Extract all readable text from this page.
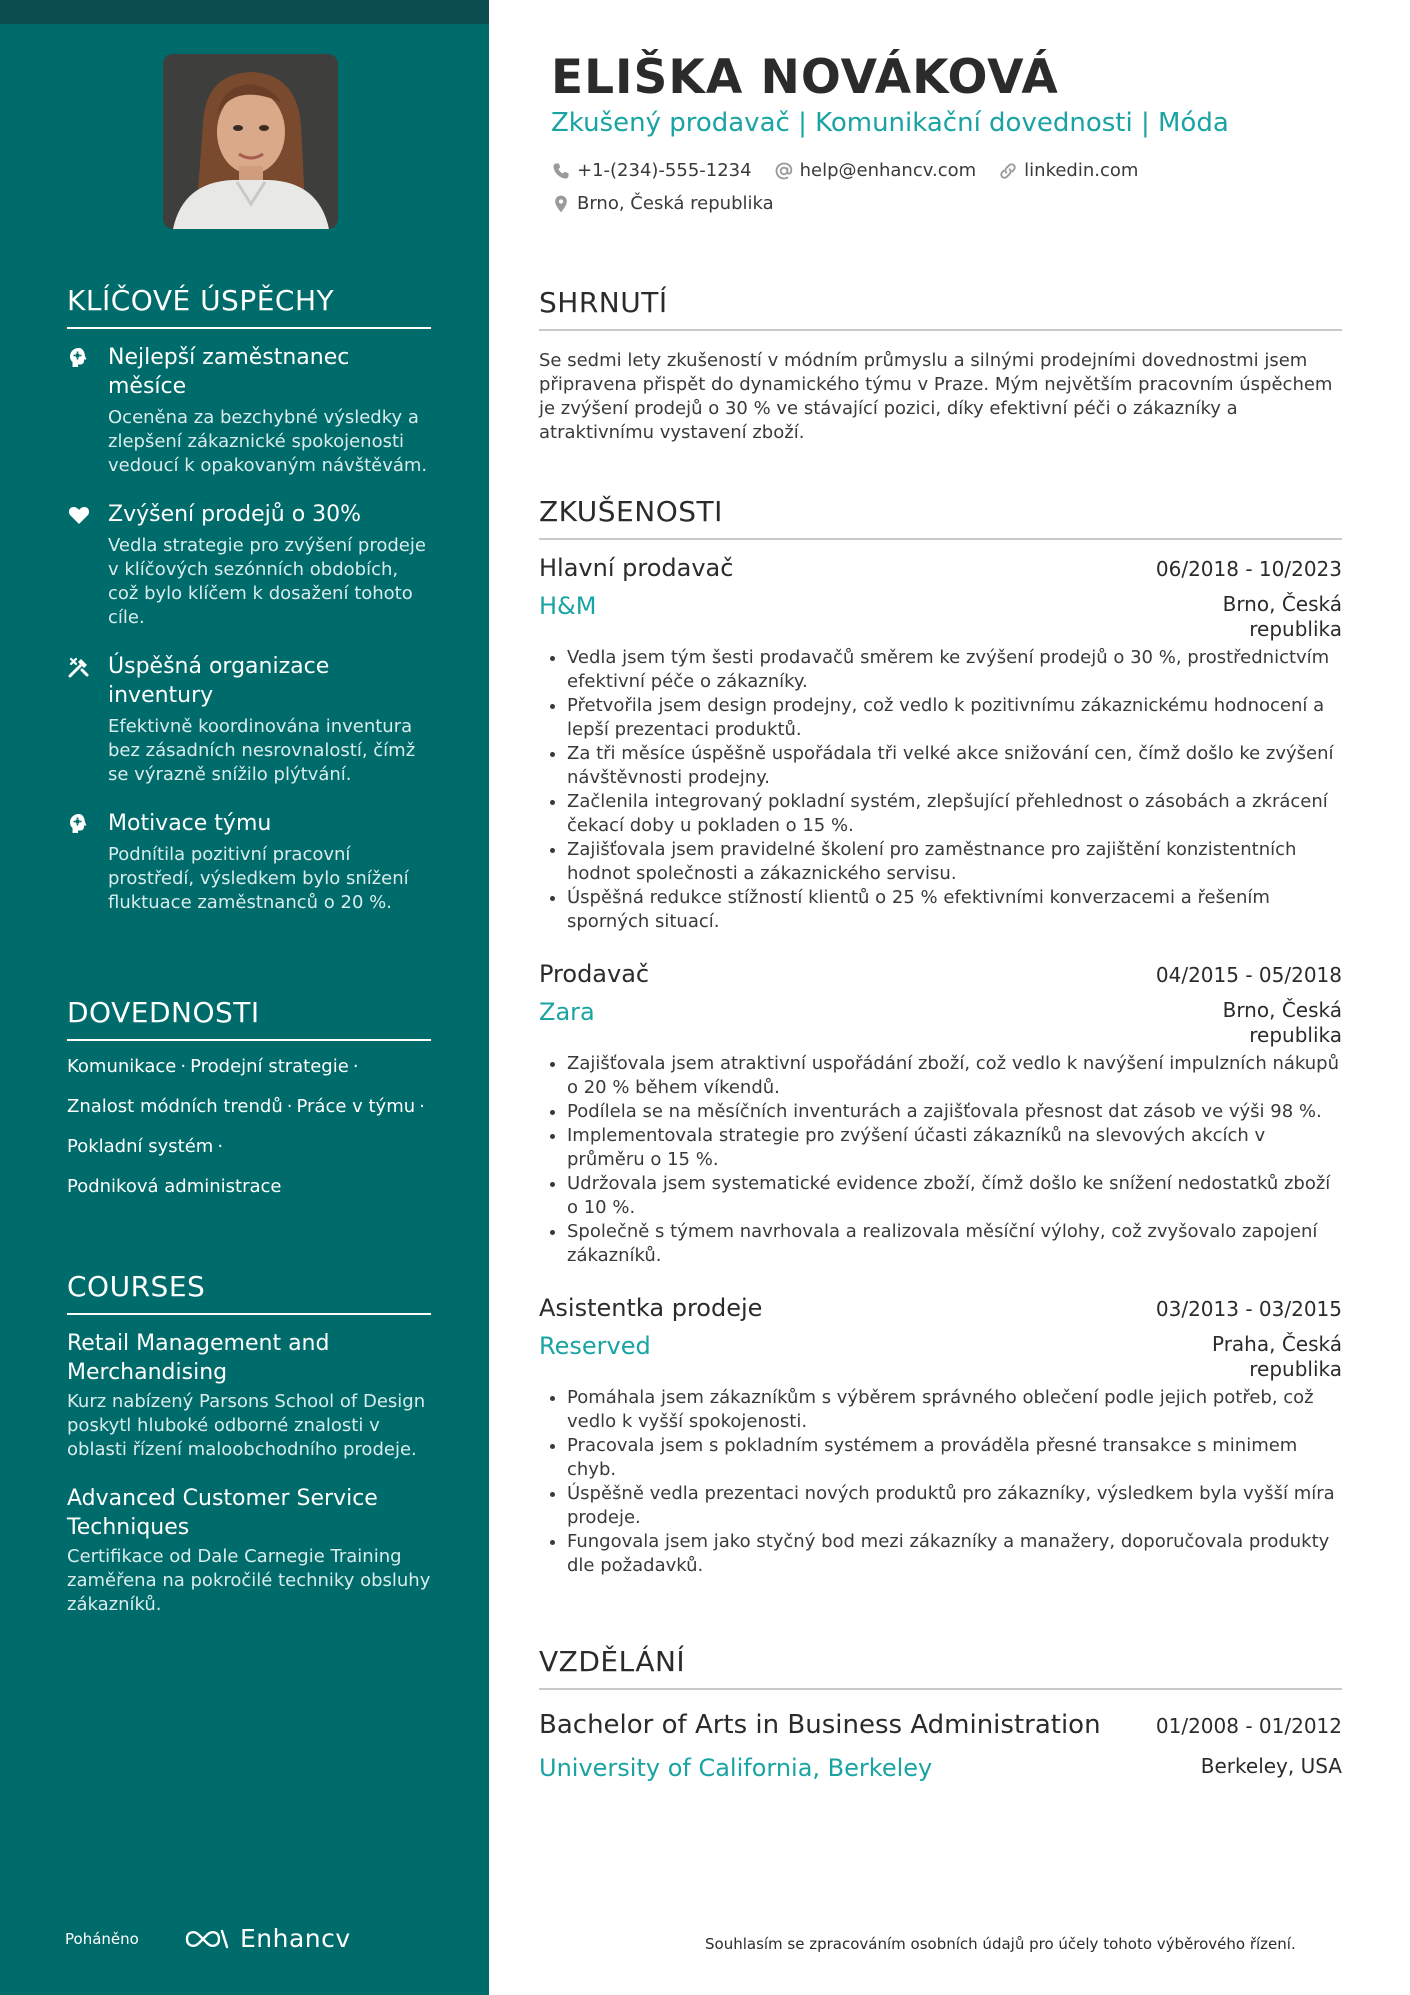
KLÍČOVÉ ÚSPĚCHY
Nejlepší zaměstnanec měsíce
Oceněna za bezchybné výsledky a zlepšení zákaznické spokojenosti vedoucí k opakovaným návštěvám.
Zvýšení prodejů o 30%
Vedla strategie pro zvýšení prodeje v klíčových sezónních obdobích, což bylo klíčem k dosažení tohoto cíle.
Úspěšná organizace inventury
Efektivně koordinována inventura bez zásadních nesrovnalostí, čímž se výrazně snížilo plýtvání.
Motivace týmu
Podnítila pozitivní pracovní prostředí, výsledkem bylo snížení fluktuace zaměstnanců o 20 %.
DOVEDNOSTI
Komunikace · Prodejní strategie ·
Znalost módních trendů · Práce v týmu ·
Pokladní systém ·
Podniková administrace
COURSES
Retail Management and Merchandising
Kurz nabízený Parsons School of Design poskytl hluboké odborné znalosti v oblasti řízení maloobchodního prodeje.
Advanced Customer Service Techniques
Certifikace od Dale Carnegie Training zaměřena na pokročilé techniky obsluhy zákazníků.
Poháněno	Enhancv
ELIŠKA NOVÁKOVÁ
Zkušený prodavač | Komunikační dovednosti | Móda
+1-(234)-555-1234	help@enhancv.com	linkedin.com
Brno, Česká republika
SHRNUTÍ
Se sedmi lety zkušeností v módním průmyslu a silnými prodejními dovednostmi jsem připravena přispět do dynamického týmu v Praze. Mým největším pracovním úspěchem je zvýšení prodejů o 30 % ve stávající pozici, díky efektivní péči o zákazníky a atraktivnímu vystavení zboží.
ZKUŠENOSTI
Hlavní prodavač	06/2018 - 10/2023
H&M	Brno, Česká republika
• Vedla jsem tým šesti prodavačů směrem ke zvýšení prodejů o 30 %, prostřednictvím efektivní péče o zákazníky.
• Přetvořila jsem design prodejny, což vedlo k pozitivnímu zákaznickému hodnocení a lepší prezentaci produktů.
• Za tři měsíce úspěšně uspořádala tři velké akce snižování cen, čímž došlo ke zvýšení návštěvnosti prodejny.
• Začlenila integrovaný pokladní systém, zlepšující přehlednost o zásobách a zkrácení čekací doby u pokladen o 15 %.
• Zajišťovala jsem pravidelné školení pro zaměstnance pro zajištění konzistentních hodnot společnosti a zákaznického servisu.
• Úspěšná redukce stížností klientů o 25 % efektivními konverzacemi a řešením sporných situací.
Prodavač	04/2015 - 05/2018
Zara	Brno, Česká republika
• Zajišťovala jsem atraktivní uspořádání zboží, což vedlo k navýšení impulzních nákupů o 20 % během víkendů.
• Podílela se na měsíčních inventurách a zajišťovala přesnost dat zásob ve výši 98 %.
• Implementovala strategie pro zvýšení účasti zákazníků na slevových akcích v průměru o 15 %.
• Udržovala jsem systematické evidence zboží, čímž došlo ke snížení nedostatků zboží o 10 %.
• Společně s týmem navrhovala a realizovala měsíční výlohy, což zvyšovalo zapojení zákazníků.
Asistentka prodeje	03/2013 - 03/2015
Reserved	Praha, Česká republika
• Pomáhala jsem zákazníkům s výběrem správného oblečení podle jejich potřeb, což vedlo k vyšší spokojenosti.
• Pracovala jsem s pokladním systémem a prováděla přesné transakce s minimem chyb.
• Úspěšně vedla prezentaci nových produktů pro zákazníky, výsledkem byla vyšší míra prodeje.
• Fungovala jsem jako styčný bod mezi zákazníky a manažery, doporučovala produkty dle požadavků.
VZDĚLÁNÍ
Bachelor of Arts in Business Administration	01/2008 - 01/2012
University of California, Berkeley	Berkeley, USA
Souhlasím se zpracováním osobních údajů pro účely tohoto výběrového řízení.
